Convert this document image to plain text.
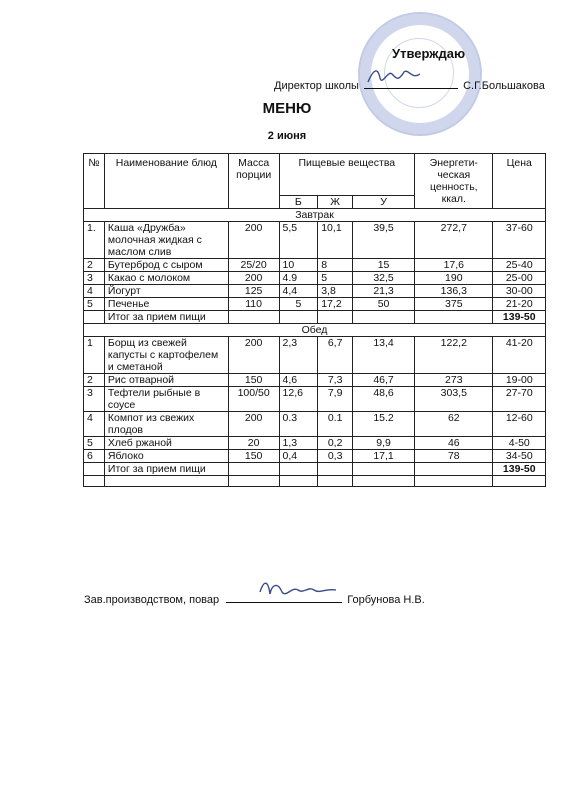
Утверждаю
Директор школы	С.Г.Большакова
МЕНЮ
2 июня
№	Наименование блюд	Масса порции	Пищевые вещества			Энергети-ческая ценность, ккал.	Цена
			Б	Ж	У		
Завтрак							
1.	Каша «Дружба» молочная жидкая с маслом слив	200	5,5	10,1	39,5	272,7	37-60
2	Бутерброд с сыром	25/20	10	8	15	17,6	25-40
3	Какао с молоком	200	4.9	5	32,5	190	25-00
4	Йогурт	125	4,4	3,8	21,3	136,3	30-00
5	Печенье	110	5	17,2	50	375	21-20
	Итог за прием пищи						139-50
Обед							
1	Борщ из свежей капусты с картофелем и сметаной	200	2,3	6,7	13,4	122,2	41-20
2	Рис отварной	150	4,6	7,3	46,7	273	19-00
3	Тефтели рыбные в соусе	100/50	12,6	7,9	48,6	303,5	27-70
4	Компот из свежих плодов	200	0.3	0.1	15.2	62	12-60
5	Хлеб ржаной	20	1,3	0,2	9,9	46	4-50
6	Яблоко	150	0,4	0,3	17,1	78	34-50
	Итог за прием пищи						139-50

Зав.производством, повар	Горбунова Н.В.
